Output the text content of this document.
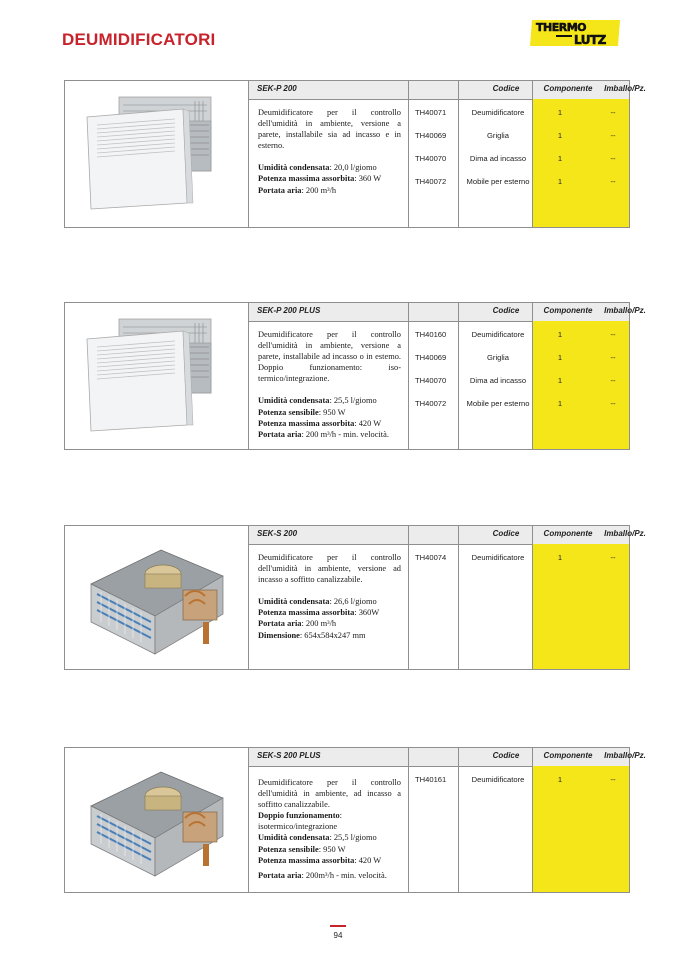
DEUMIDIFICATORI
THERMO
LUTZ
SEK-P 200	Codice	Componente	Imballo/Pz.

Deumidificatore per il controllo dell'umidità in ambiente, versione a parete, installabile sia ad incasso e in esterno.

Umidità condensata: 20,0 l/giomo

Potenza massima assorbita: 360 W

Portata aria: 200 m³/h

TH40071	Deumidificatore	1	--
TH40069	Griglia	1	--
TH40070	Dima ad incasso	1	--
TH40072	Mobile per esterno	1	--
SEK-P 200 PLUS	Codice	Componente	Imballo/Pz.

Deumidificatore per il controllo dell'umidità in ambiente, versione a parete, installabile ad incasso o in estemo. Doppio funzionamento: iso-termico/integrazione.

Umidità condensata: 25,5 l/giomo

Potenza sensibile: 950 W

Potenza massima assorbita: 420 W

Portata aria: 200 m³/h - min. velocità.

TH40160	Deumidificatore	1	--
TH40069	Griglia	1	--
TH40070	Dima ad incasso	1	--
TH40072	Mobile per esterno	1	--
SEK-S 200	Codice	Componente	Imballo/Pz.

Deumidificatore per il controllo dell'umidità in ambiente, versione ad incasso a soffitto canalizzabile.

Umidità condensata: 26,6 l/giomo

Potenza massima assorbita: 360W

Portata aria: 200 m³/h

Dimensione: 654x584x247 mm

TH40074	Deumidificatore	1	--
SEK-S 200 PLUS	Codice	Componente	Imballo/Pz.

Deumidificatore per il controllo dell'umidità in ambiente, ad incasso a soffitto canalizzabile.

Doppio funzionamento:

isotermico/integrazione

Umidità condensata: 25,5 l/giomo

Potenza sensibile: 950 W

Potenza massima assorbita: 420 W

Portata aria: 200m³/h - min. velocità.

TH40161	Deumidificatore	1	--
94
